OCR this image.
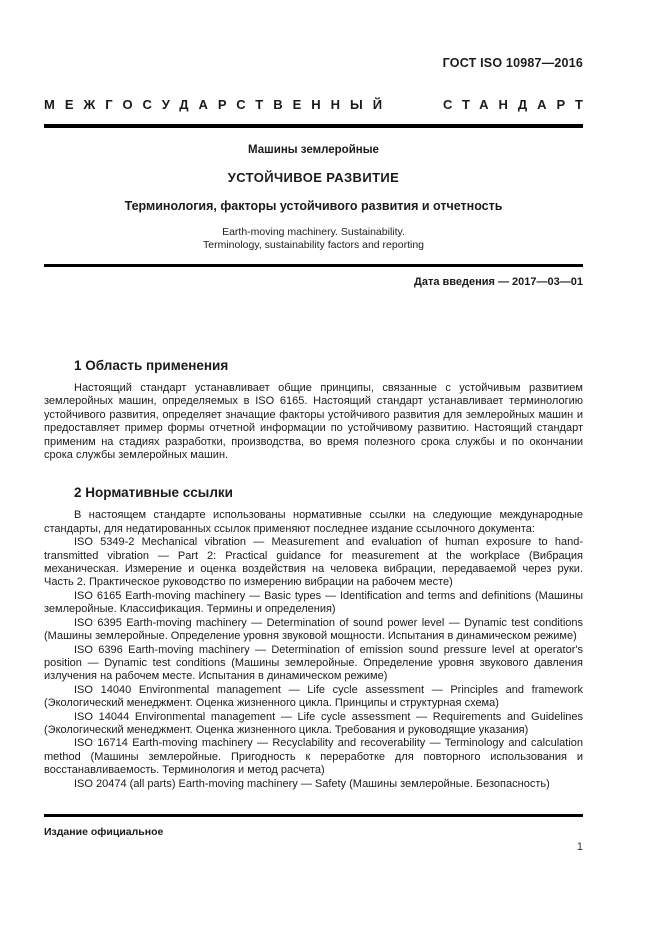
ГОСТ ISO 10987—2016
МЕЖГОСУДАРСТВЕННЫЙ	СТАНДАРТ
Машины землеройные
УСТОЙЧИВОЕ РАЗВИТИЕ
Терминология, факторы устойчивого развития и отчетность
Earth-moving machinery. Sustainability.
Terminology, sustainability factors and reporting
Дата введения — 2017—03—01
1 Область применения

Настоящий стандарт устанавливает общие принципы, связанные с устойчивым развитием землеройных машин, определяемых в ISO 6165. Настоящий стандарт устанавливает терминологию устойчивого развития, определяет значащие факторы устойчивого развития для землеройных машин и предоставляет пример формы отчетной информации по устойчивому развитию. Настоящий стандарт применим на стадиях разработки, производства, во время полезного срока службы и по окончании срока службы землеройных машин.

2 Нормативные ссылки

В настоящем стандарте использованы нормативные ссылки на следующие международные стандарты, для недатированных ссылок применяют последнее издание ссылочного документа:

ISO 5349-2 Mechanical vibration — Measurement and evaluation of human exposure to hand-transmitted vibration — Part 2: Practical guidance for measurement at the workplace (Вибрация механическая. Измерение и оценка воздействия на человека вибрации, передаваемой через руки. Часть 2. Практическое руководство по измерению вибрации на рабочем месте)

ISO 6165 Earth-moving machinery — Basic types — Identification and terms and definitions (Машины землеройные. Классификация. Термины и определения)

ISO 6395 Earth-moving machinery — Determination of sound power level — Dynamic test conditions (Машины землеройные. Определение уровня звуковой мощности. Испытания в динамическом режиме)

ISO 6396 Earth-moving machinery — Determination of emission sound pressure level at operator's position — Dynamic test conditions (Машины землеройные. Определение уровня звукового давления излучения на рабочем месте. Испытания в динамическом режиме)

ISO 14040 Environmental management — Life cycle assessment — Principles and framework (Экологический менеджмент. Оценка жизненного цикла. Принципы и структурная схема)

ISO 14044 Environmental management — Life cycle assessment — Requirements and Guidelines (Экологический менеджмент. Оценка жизненного цикла. Требования и руководящие указания)

ISO 16714 Earth-moving machinery — Recyclability and recoverability — Terminology and calculation method (Машины землеройные. Пригодность к переработке для повторного использования и восстанавливаемость. Терминология и метод расчета)

ISO 20474 (all parts) Earth-moving machinery — Safety (Машины землеройные. Безопасность)

Издание официальное
1
